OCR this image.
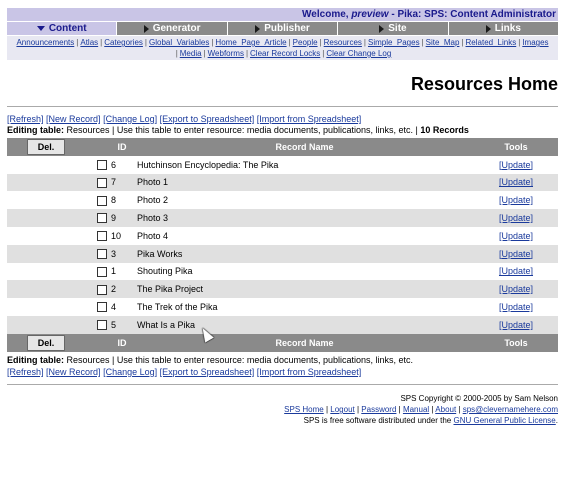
Welcome, preview - Pika: SPS: Content Administrator
Content	Generator	Publisher	Site	Links
Announcements | Atlas | Categories | Global_Variables | Home_Page_Article | People | Resources | Simple_Pages | Site_Map | Related_Links | Images
| Media | Webforms | Clear Record Locks | Clear Change Log
Resources Home
[Refresh] [New Record] [Change Log] [Export to Spreadsheet] [Import from Spreadsheet]
Editing table: Resources | Use this table to enter resource: media documents, publications, links, etc. | 10 Records
Del.	ID	Record Name	Tools
	6	Hutchinson Encyclopedia: The Pika	[Update]
	7	Photo 1	[Update]
	8	Photo 2	[Update]
	9	Photo 3	[Update]
	10	Photo 4	[Update]
	3	Pika Works	[Update]
	1	Shouting Pika	[Update]
	2	The Pika Project	[Update]
	4	The Trek of the Pika	[Update]
	5	What Is a Pika	[Update]
Del.	ID	Record Name	Tools
Editing table: Resources | Use this table to enter resource: media documents, publications, links, etc.
[Refresh] [New Record] [Change Log] [Export to Spreadsheet] [Import from Spreadsheet]
SPS Copyright © 2000-2005 by Sam Nelson
SPS Home | Logout | Password | Manual | About | sps@clevernamehere.com
SPS is free software distributed under the GNU General Public License.
